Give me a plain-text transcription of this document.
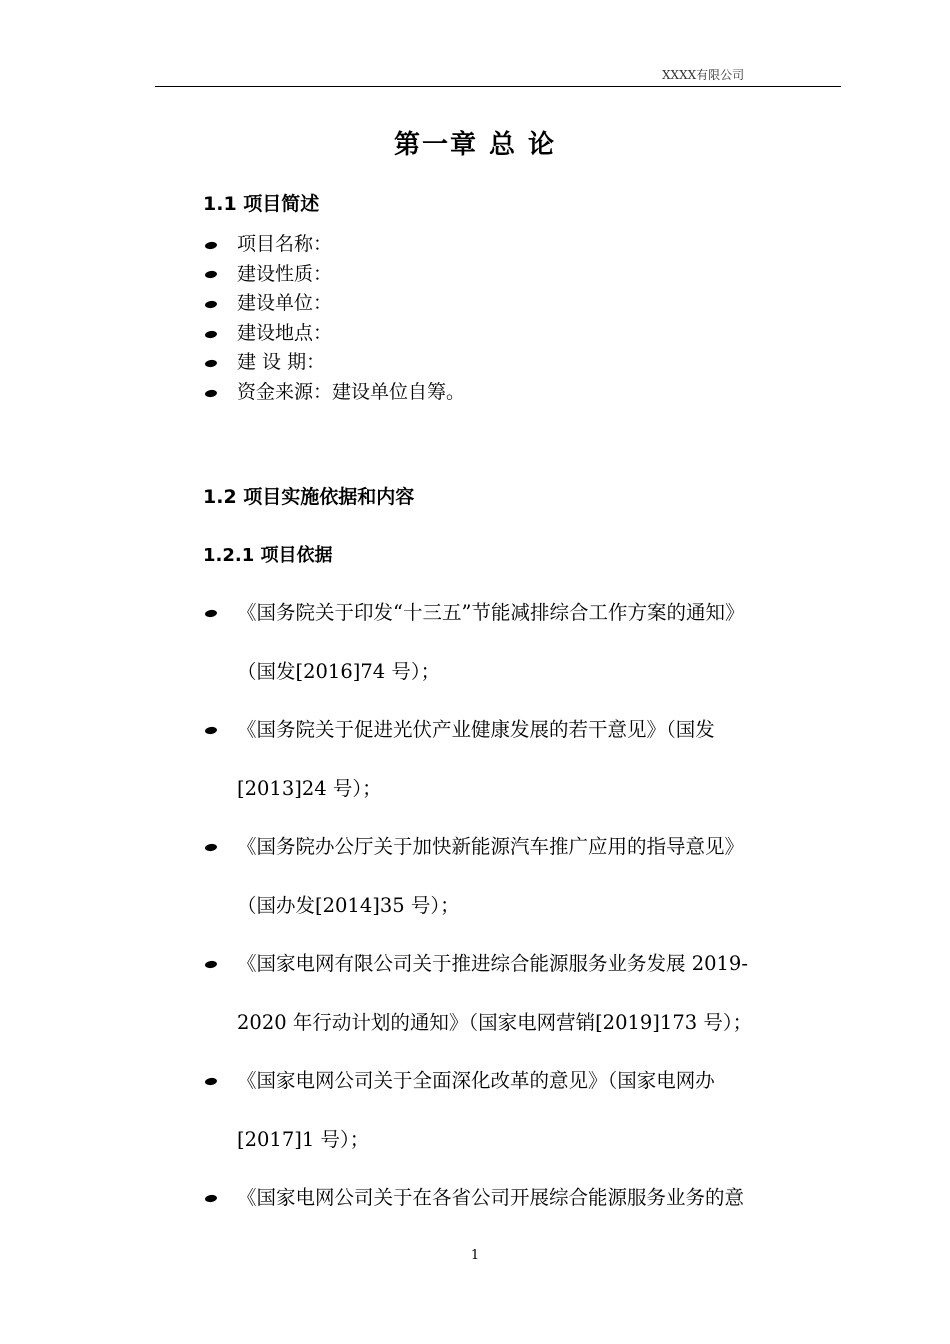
XXXX有限公司
第一章 总 论
1.1 项目简述
项目名称：
建设性质：
建设单位：
建设地点：
建 设 期：
资金来源：建设单位自筹。
1.2 项目实施依据和内容
1.2.1 项目依据
《国务院关于印发“十三五”节能减排综合工作方案的通知》
（国发[2016]74 号）；
《国务院关于促进光伏产业健康发展的若干意见》（国发
[2013]24 号）；
《国务院办公厅关于加快新能源汽车推广应用的指导意见》
（国办发[2014]35 号）；
《国家电网有限公司关于推进综合能源服务业务发展 2019-
2020 年行动计划的通知》（国家电网营销[2019]173 号）；
《国家电网公司关于全面深化改革的意见》（国家电网办
[2017]1 号）；
《国家电网公司关于在各省公司开展综合能源服务业务的意
1
